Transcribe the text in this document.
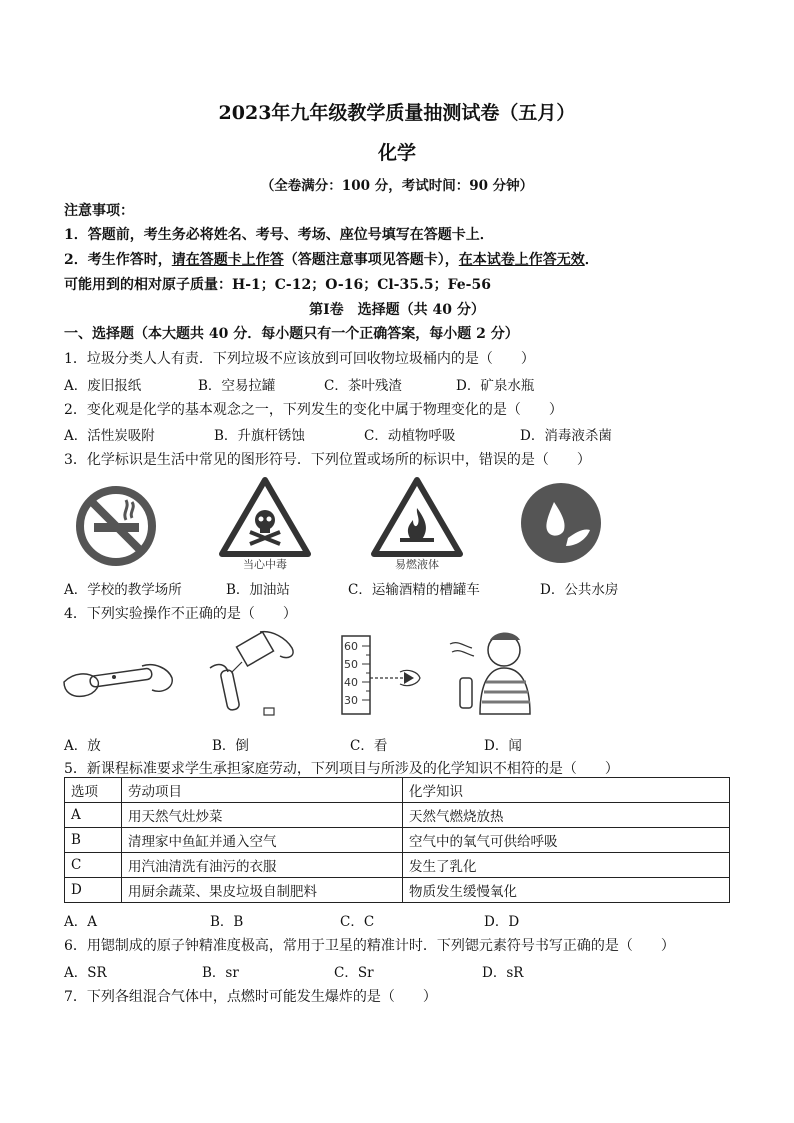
2023年九年级教学质量抽测试卷（五月）
化学
（全卷满分：100 分，考试时间：90 分钟）
注意事项：
1．答题前，考生务必将姓名、考号、考场、座位号填写在答题卡上．
2．考生作答时，请在答题卡上作答（答题注意事项见答题卡），在本试卷上作答无效．
可能用到的相对原子质量：H-1；C-12；O-16；Cl-35.5；Fe-56
第Ⅰ卷　选择题（共 40 分）
一、选择题（本大题共 40 分．每小题只有一个正确答案，每小题 2 分）
1．垃圾分类人人有责．下列垃圾不应该放到可回收物垃圾桶内的是（　　）
A．废旧报纸	B．空易拉罐	C．茶叶残渣	D．矿泉水瓶
2．变化观是化学的基本观念之一，下列发生的变化中属于物理变化的是（　　）
A．活性炭吸附	B．升旗杆锈蚀	C．动植物呼吸	D．消毒液杀菌
3．化学标识是生活中常见的图形符号．下列位置或场所的标识中，错误的是（　　）
当心中毒	易燃液体
A．学校的教学场所	B．加油站	C．运输酒精的槽罐车	D．公共水房
4．下列实验操作不正确的是（　　）
60
50
40
30
A．放	B．倒	C．看	D．闻
5．新课程标准要求学生承担家庭劳动，下列项目与所涉及的化学知识不相符的是（　　）
选项	劳动项目	化学知识
A	用天然气灶炒菜	天然气燃烧放热
B	清理家中鱼缸并通入空气	空气中的氧气可供给呼吸
C	用汽油清洗有油污的衣服	发生了乳化
D	用厨余蔬菜、果皮垃圾自制肥料	物质发生缓慢氧化
A．A	B．B	C．C	D．D
6．用锶制成的原子钟精准度极高，常用于卫星的精准计时．下列锶元素符号书写正确的是（　　）
A．SR	B．sr	C．Sr	D．sR
7．下列各组混合气体中，点燃时可能发生爆炸的是（　　）
